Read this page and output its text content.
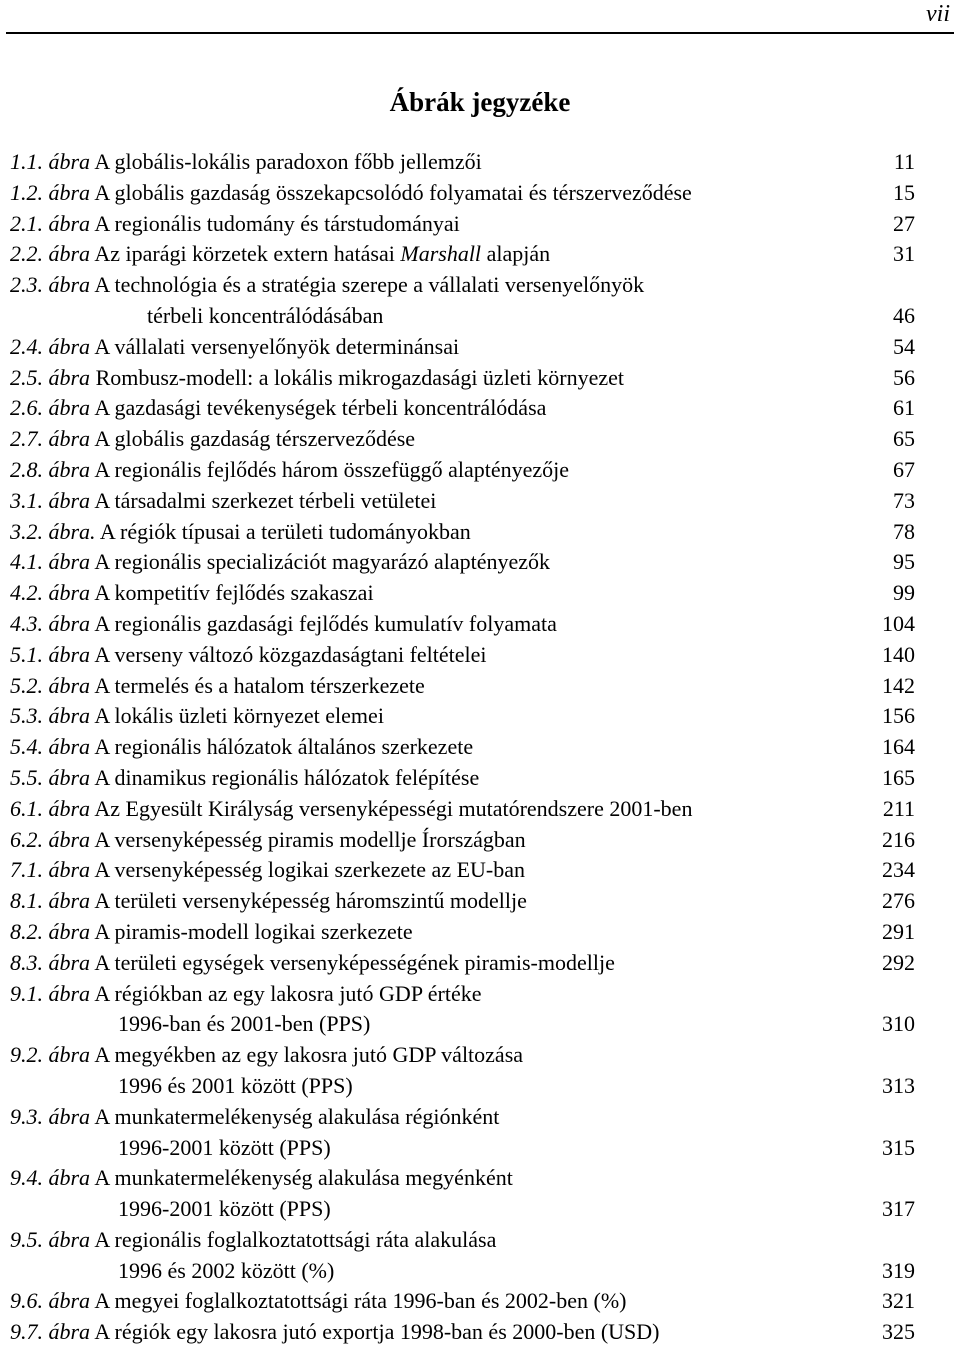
vii
Ábrák jegyzéke
1.1. ábra A globális-lokális paradoxon főbb jellemzői	11
1.2. ábra A globális gazdaság összekapcsolódó folyamatai és térszerveződése	15
2.1. ábra A regionális tudomány és társtudományai	27
2.2. ábra Az iparági körzetek extern hatásai Marshall alapján	31
2.3. ábra A technológia és a stratégia szerepe a vállalati versenyelőnyök
térbeli koncentrálódásában	46
2.4. ábra A vállalati versenyelőnyök determinánsai	54
2.5. ábra Rombusz-modell: a lokális mikrogazdasági üzleti környezet	56
2.6. ábra A gazdasági tevékenységek térbeli koncentrálódása	61
2.7. ábra A globális gazdaság térszerveződése	65
2.8. ábra A regionális fejlődés három összefüggő alaptényezője	67
3.1. ábra A társadalmi szerkezet térbeli vetületei	73
3.2. ábra. A régiók típusai a területi tudományokban	78
4.1. ábra A regionális specializációt magyarázó alaptényezők	95
4.2. ábra A kompetitív fejlődés szakaszai	99
4.3. ábra A regionális gazdasági fejlődés kumulatív folyamata	104
5.1. ábra A verseny változó közgazdaságtani feltételei	140
5.2. ábra A termelés és a hatalom térszerkezete	142
5.3. ábra A lokális üzleti környezet elemei	156
5.4. ábra A regionális hálózatok általános szerkezete	164
5.5. ábra A dinamikus regionális hálózatok felépítése	165
6.1. ábra Az Egyesült Királyság versenyképességi mutatórendszere 2001-ben	211
6.2. ábra A versenyképesség piramis modellje Írországban	216
7.1. ábra A versenyképesség logikai szerkezete az EU-ban	234
8.1. ábra A területi versenyképesség háromszintű modellje	276
8.2. ábra A piramis-modell logikai szerkezete	291
8.3. ábra A területi egységek versenyképességének piramis-modellje	292
9.1. ábra A régiókban az egy lakosra jutó GDP értéke
1996-ban és 2001-ben (PPS)	310
9.2. ábra A megyékben az egy lakosra jutó GDP változása
1996 és 2001 között (PPS)	313
9.3. ábra A munkatermelékenység alakulása régiónként
1996-2001 között (PPS)	315
9.4. ábra A munkatermelékenység alakulása megyénként
1996-2001 között (PPS)	317
9.5. ábra A regionális foglalkoztatottsági ráta alakulása
1996 és 2002 között (%)	319
9.6. ábra A megyei foglalkoztatottsági ráta 1996-ban és 2002-ben (%)	321
9.7. ábra A régiók egy lakosra jutó exportja 1998-ban és 2000-ben (USD)	325
